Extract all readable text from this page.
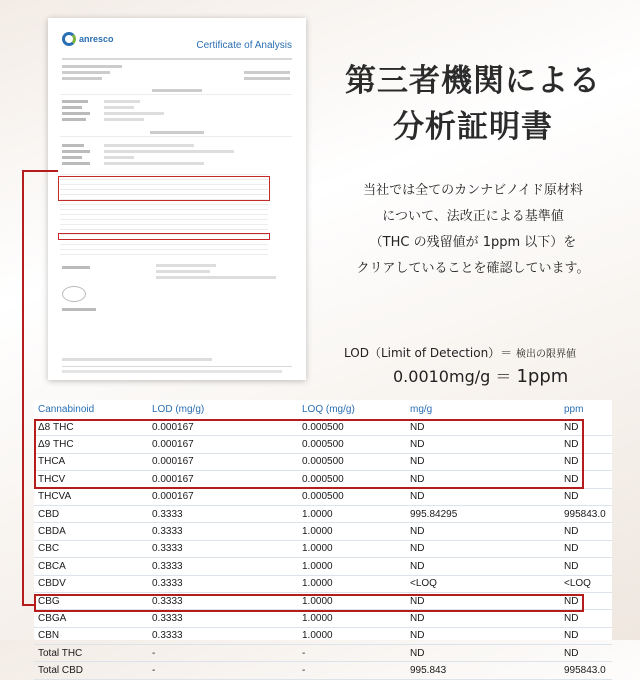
anresco
Certificate of Analysis
第三者機関による
分析証明書
当社では全てのカンナビノイド原材料
について、法改正による基準値
（THC の残留値が 1ppm 以下）を
クリアしていることを確認しています。
LOD（Limit of Detection）＝ 検出の限界値
0.0010mg/g ＝ 1ppm
Cannabinoid	LOD (mg/g)	LOQ (mg/g)	mg/g	ppm
Δ8 THC	0.000167	0.000500	ND	ND
Δ9 THC	0.000167	0.000500	ND	ND
THCA	0.000167	0.000500	ND	ND
THCV	0.000167	0.000500	ND	ND
THCVA	0.000167	0.000500	ND	ND
CBD	0.3333	1.0000	995.84295	995843.0
CBDA	0.3333	1.0000	ND	ND
CBC	0.3333	1.0000	ND	ND
CBCA	0.3333	1.0000	ND	ND
CBDV	0.3333	1.0000	<LOQ	<LOQ
CBG	0.3333	1.0000	ND	ND
CBGA	0.3333	1.0000	ND	ND
CBN	0.3333	1.0000	ND	ND
Total THC	-	-	ND	ND
Total CBD	-	-	995.843	995843.0
